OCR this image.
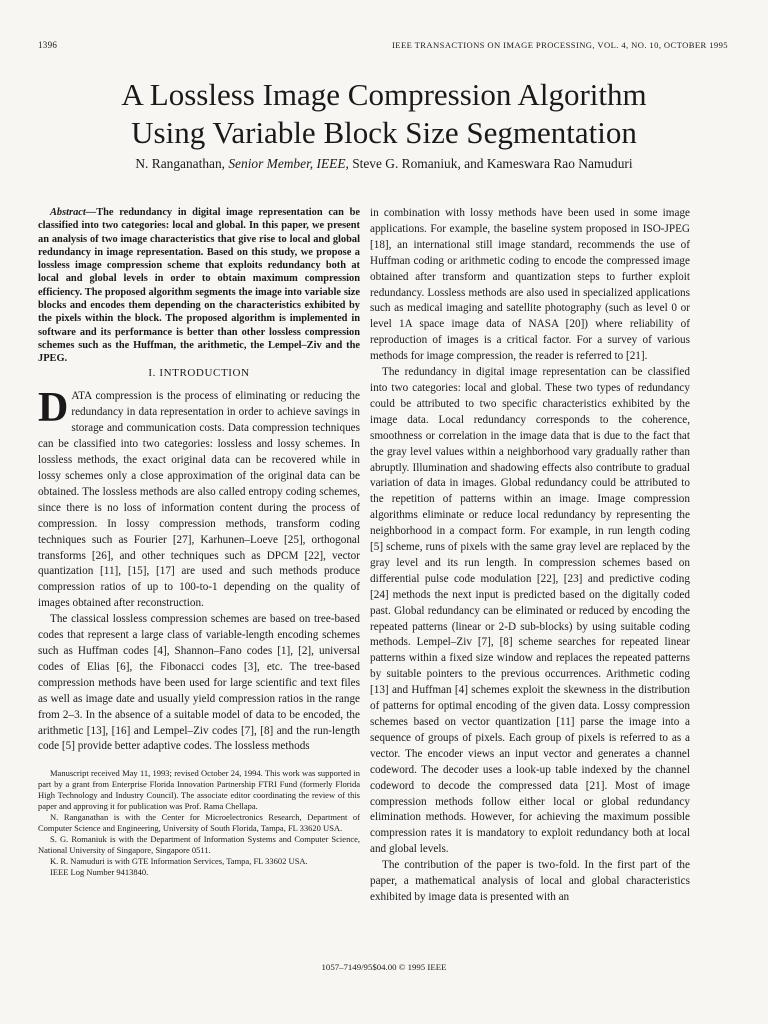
1396	IEEE TRANSACTIONS ON IMAGE PROCESSING, VOL. 4, NO. 10, OCTOBER 1995
A Lossless Image Compression Algorithm
Using Variable Block Size Segmentation

N. Ranganathan, Senior Member, IEEE, Steve G. Romaniuk, and Kameswara Rao Namuduri

Abstract—The redundancy in digital image representation can be classified into two categories: local and global. In this paper, we present an analysis of two image characteristics that give rise to local and global redundancy in image representation. Based on this study, we propose a lossless image compression scheme that exploits redundancy both at local and global levels in order to obtain maximum compression efficiency. The proposed algorithm segments the image into variable size blocks and encodes them depending on the characteristics exhibited by the pixels within the block. The proposed algorithm is implemented in software and its performance is better than other lossless compression schemes such as the Huffman, the arithmetic, the Lempel–Ziv and the JPEG.

I. INTRODUCTION

DATA compression is the process of eliminating or reducing the redundancy in data representation in order to achieve savings in storage and communication costs. Data compression techniques can be classified into two categories: lossless and lossy schemes. In lossless methods, the exact original data can be recovered while in lossy schemes only a close approximation of the original data can be obtained. The lossless methods are also called entropy coding schemes, since there is no loss of information content during the process of compression. In lossy compression methods, transform coding techniques such as Fourier [27], Karhunen–Loeve [25], orthogonal transforms [26], and other techniques such as DPCM [22], vector quantization [11], [15], [17] are used and such methods produce compression ratios of up to 100-to-1 depending on the quality of images obtained after reconstruction.

The classical lossless compression schemes are based on tree-based codes that represent a large class of variable-length encoding schemes such as Huffman codes [4], Shannon–Fano codes [1], [2], universal codes of Elias [6], the Fibonacci codes [3], etc. The tree-based compression methods have been used for large scientific and text files as well as image date and usually yield compression ratios in the range from 2–3. In the absence of a suitable model of data to be encoded, the arithmetic [13], [16] and Lempel–Ziv codes [7], [8] and the run-length code [5] provide better adaptive codes. The lossless methods

Manuscript received May 11, 1993; revised October 24, 1994. This work was supported in part by a grant from Enterprise Florida Innovation Partnership FTRI Fund (formerly Florida High Technology and Industry Council). The associate editor coordinating the review of this paper and approving it for publication was Prof. Rama Chellapa.

N. Ranganathan is with the Center for Microelectronics Research, Department of Computer Science and Engineering, University of South Florida, Tampa, FL 33620 USA.

S. G. Romaniuk is with the Department of Information Systems and Computer Science, National University of Singapore, Singapore 0511.

K. R. Namuduri is with GTE Information Services, Tampa, FL 33602 USA.

IEEE Log Number 9413840.

in combination with lossy methods have been used in some image applications. For example, the baseline system proposed in ISO-JPEG [18], an international still image standard, recommends the use of Huffman coding or arithmetic coding to encode the compressed image obtained after transform and quantization steps to further exploit redundancy. Lossless methods are also used in specialized applications such as medical imaging and satellite photography (such as level 0 or level 1A space image data of NASA [20]) where reliability of reproduction of images is a critical factor. For a survey of various methods for image compression, the reader is referred to [21].

The redundancy in digital image representation can be classified into two categories: local and global. These two types of redundancy could be attributed to two specific characteristics exhibited by the image data. Local redundancy corresponds to the coherence, smoothness or correlation in the image data that is due to the fact that the gray level values within a neighborhood vary gradually rather than abruptly. Illumination and shadowing effects also contribute to gradual variation of data in images. Global redundancy could be attributed to the repetition of patterns within an image. Image compression algorithms eliminate or reduce local redundancy by representing the neighborhood in a compact form. For example, in run length coding [5] scheme, runs of pixels with the same gray level are replaced by the gray level and its run length. In compression schemes based on differential pulse code modulation [22], [23] and predictive coding [24] methods the next input is predicted based on the digitally coded past. Global redundancy can be eliminated or reduced by encoding the repeated patterns (linear or 2-D sub-blocks) by using suitable coding methods. Lempel–Ziv [7], [8] scheme searches for repeated linear patterns within a fixed size window and replaces the repeated patterns by suitable pointers to the previous occurrences. Arithmetic coding [13] and Huffman [4] schemes exploit the skewness in the distribution of patterns for optimal encoding of the given data. Lossy compression schemes based on vector quantization [11] parse the image into a sequence of groups of pixels. Each group of pixels is referred to as a vector. The encoder views an input vector and generates a channel codeword. The decoder uses a look-up table indexed by the channel codeword to decode the compressed data [21]. Most of image compression methods follow either local or global redundancy elimination methods. However, for achieving the maximum possible compression rates it is mandatory to exploit redundancy both at local and global levels.

The contribution of the paper is two-fold. In the first part of the paper, a mathematical analysis of local and global characteristics exhibited by image data is presented with an

1057–7149/95$04.00 © 1995 IEEE
